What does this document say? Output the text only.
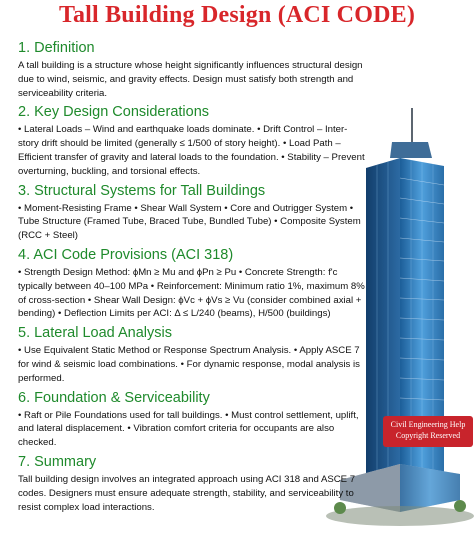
Tall Building Design (ACI CODE)
Civil Engineering Help
Copyright Reserved
1. Definition

A tall building is a structure whose height significantly influences structural design due to wind, seismic, and gravity effects. Design must satisfy both strength and serviceability criteria.

2. Key Design Considerations

• Lateral Loads – Wind and earthquake loads dominate. • Drift Control – Inter-story drift should be limited (generally ≤ 1/500 of story height). • Load Path – Efficient transfer of gravity and lateral loads to the foundation. • Stability – Prevent overturning, buckling, and torsional effects.

3. Structural Systems for Tall Buildings

• Moment-Resisting Frame • Shear Wall System • Core and Outrigger System • Tube Structure (Framed Tube, Braced Tube, Bundled Tube) • Composite System (RCC + Steel)

4. ACI Code Provisions (ACI 318)

• Strength Design Method: ϕMn ≥ Mu and ϕPn ≥ Pu • Concrete Strength: f'c typically between 40–100 MPa • Reinforcement: Minimum ratio 1%, maximum 8% of cross-section • Shear Wall Design: ϕVc + ϕVs ≥ Vu (consider combined axial + bending) • Deflection Limits per ACI: Δ ≤ L/240 (beams), H/500 (buildings)

5. Lateral Load Analysis

• Use Equivalent Static Method or Response Spectrum Analysis. • Apply ASCE 7 for wind & seismic load combinations. • For dynamic response, modal analysis is performed.

6. Foundation & Serviceability

• Raft or Pile Foundations used for tall buildings. • Must control settlement, uplift, and lateral displacement. • Vibration comfort criteria for occupants are also checked.

7. Summary

Tall building design involves an integrated approach using ACI 318 and ASCE 7 codes. Designers must ensure adequate strength, stability, and serviceability to resist complex load interactions.
